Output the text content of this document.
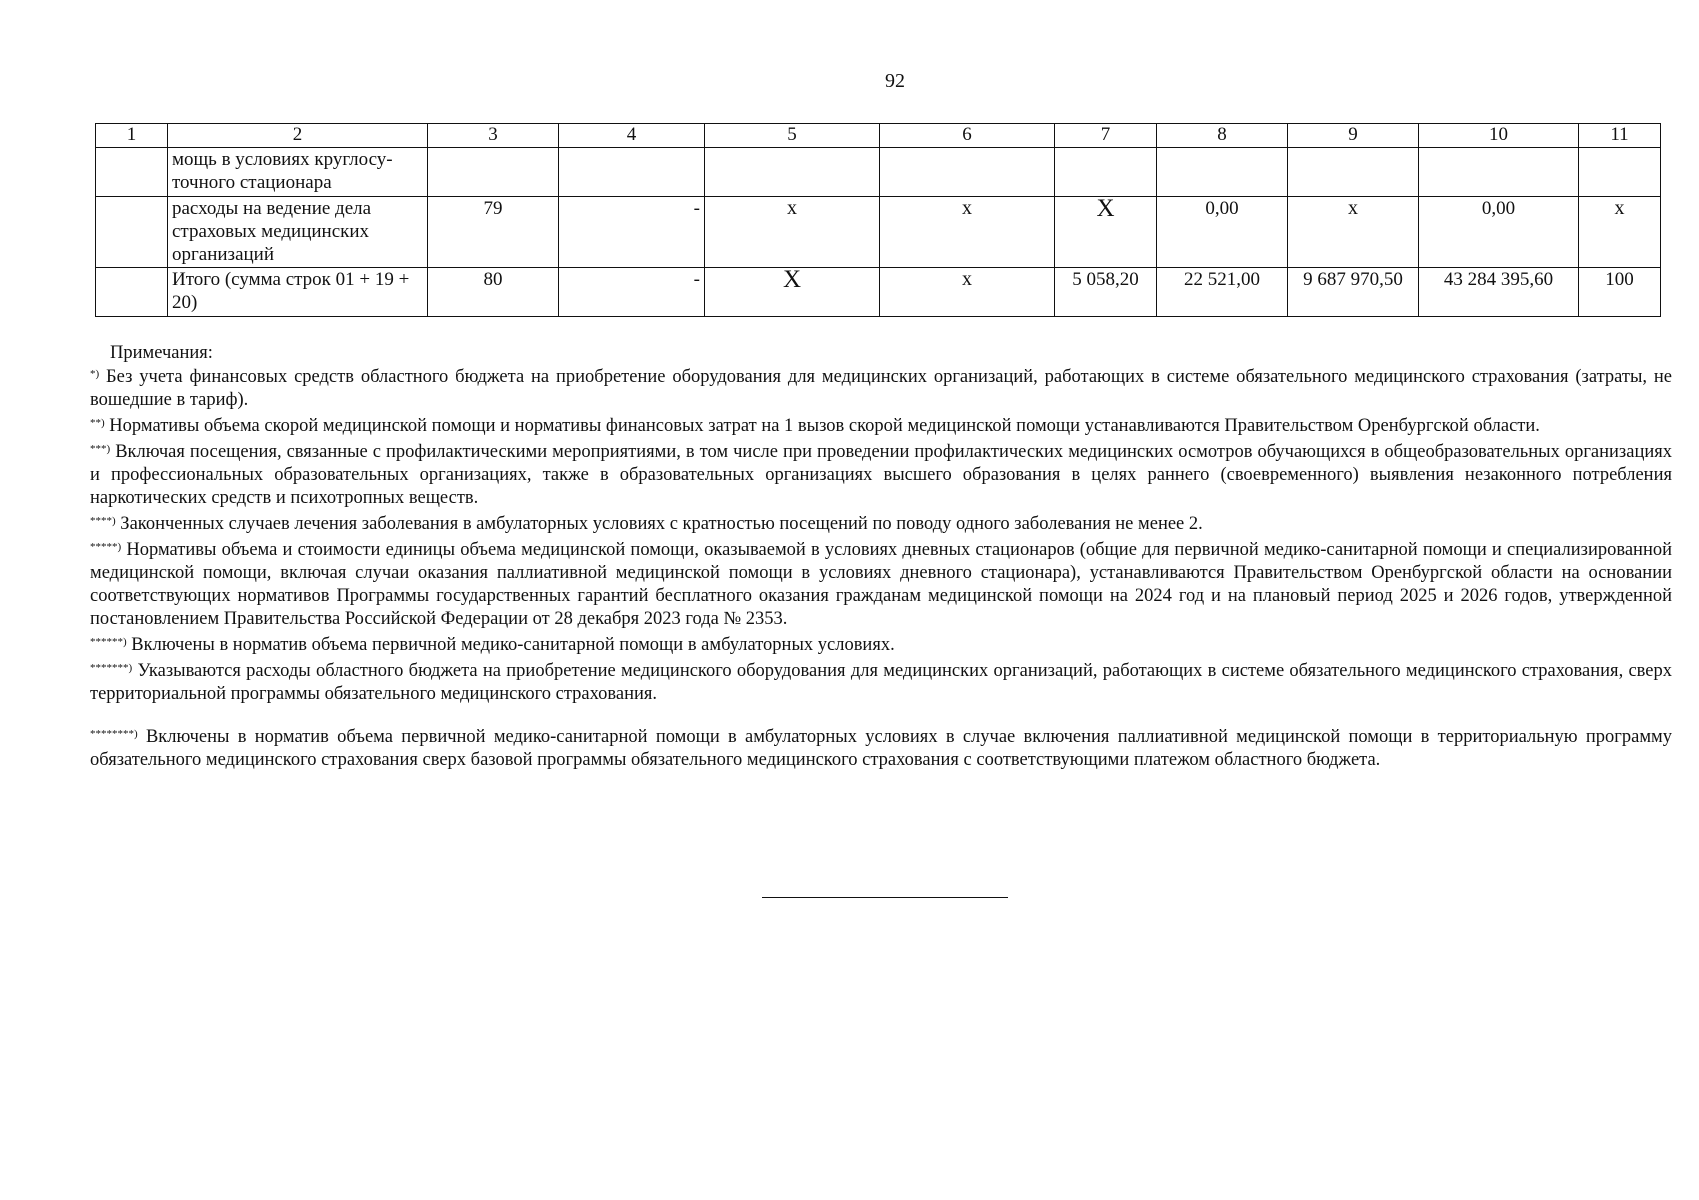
92
1	2	3	4	5	6	7	8	9	10	11
	мощь в условиях круглосу-точного стационара									
	расходы на ведение дела страховых медицинских организаций	79	-	х	х	Х	0,00	х	0,00	х
	Итого (сумма строк 01 + 19 + 20)	80	-	Х	х	5 058,20	22 521,00	9 687 970,50	43 284 395,60	100
Примечания:
*) Без учета финансовых средств областного бюджета на приобретение оборудования для медицинских организаций, работающих в системе обязательного медицинского страхования (затраты, не вошедшие в тариф).
**) Нормативы объема скорой медицинской помощи и нормативы финансовых затрат на 1 вызов скорой медицинской помощи устанавливаются Правительством Оренбургской области.
***) Включая посещения, связанные с профилактическими мероприятиями, в том числе при проведении профилактических медицинских осмотров обучающихся в общеобразовательных организациях и профессиональных образовательных организациях, также в образовательных организациях высшего образования в целях раннего (своевременного) выявления незаконного потребления наркотических средств и психотропных веществ.
****) Законченных случаев лечения заболевания в амбулаторных условиях с кратностью посещений по поводу одного заболевания не менее 2.
*****) Нормативы объема и стоимости единицы объема медицинской помощи, оказываемой в условиях дневных стационаров (общие для первичной медико-санитарной помощи и специализированной медицинской помощи, включая случаи оказания паллиативной медицинской помощи в условиях дневного стационара), устанавливаются Правительством Оренбургской области на основании соответствующих нормативов Программы государственных гарантий бесплатного оказания гражданам медицинской помощи на 2024 год и на плановый период 2025 и 2026 годов, утвержденной постановлением Правительства Российской Федерации от 28 декабря 2023 года № 2353.
******) Включены в норматив объема первичной медико-санитарной помощи в амбулаторных условиях.
*******) Указываются расходы областного бюджета на приобретение медицинского оборудования для медицинских организаций, работающих в системе обязательного медицинского страхования, сверх территориальной программы обязательного медицинского страхования.
********) Включены в норматив объема первичной медико-санитарной помощи в амбулаторных условиях в случае включения паллиативной медицинской помощи в территориальную программу обязательного медицинского страхования сверх базовой программы обязательного медицинского страхования с соответствующими платежом областного бюджета.
